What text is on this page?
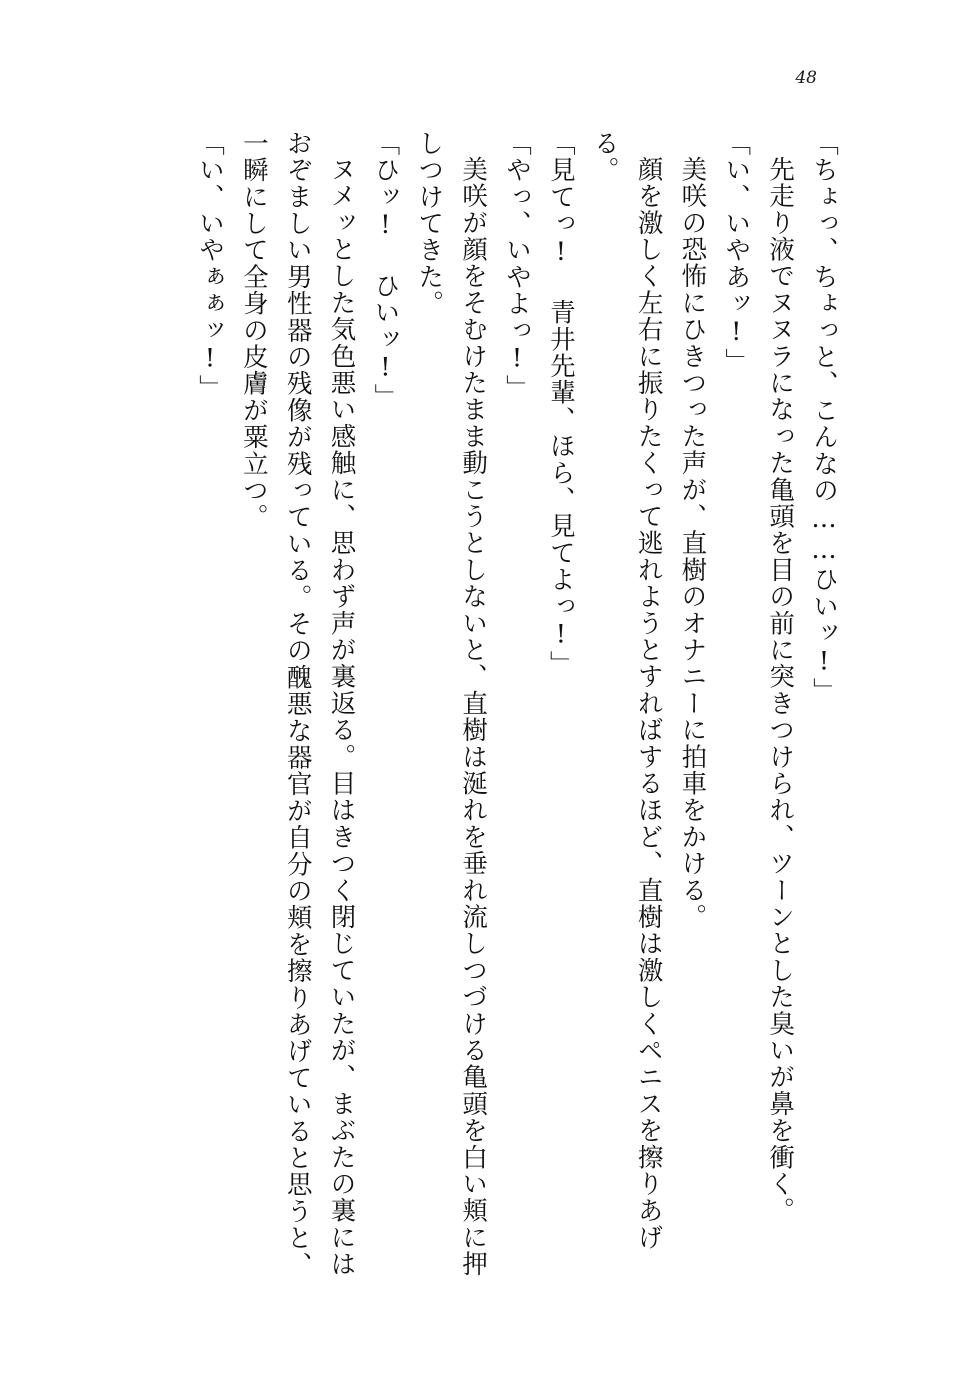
48

「ちょっ、ちょっと、こんなの……ひいッ!」

先走り液でヌヌラになった亀頭を目の前に突きつけられ、ツーンとした臭いが鼻を衝く。

「い、いやあッ!」

美咲の恐怖にひきつった声が、直樹のオナニーに拍車をかける。

顔を激しく左右に振りたくって逃れようとすればするほど、直樹は激しくペニスを擦りあげる。

「見てっ! 青井先輩、ほら、見てよっ!」

「やっ、いやよっ!」

美咲が顔をそむけたまま動こうとしないと、直樹は涎れを垂れ流しつづける亀頭を白い頬に押しつけてきた。

「ひッ! ひいッ!」

ヌメッとした気色悪い感触に、思わず声が裏返る。目はきつく閉じていたが、まぶたの裏にはおぞましい男性器の残像が残っている。その醜悪な器官が自分の頬を擦りあげていると思うと、一瞬にして全身の皮膚が粟立つ。

「い、いやぁぁッ!」
